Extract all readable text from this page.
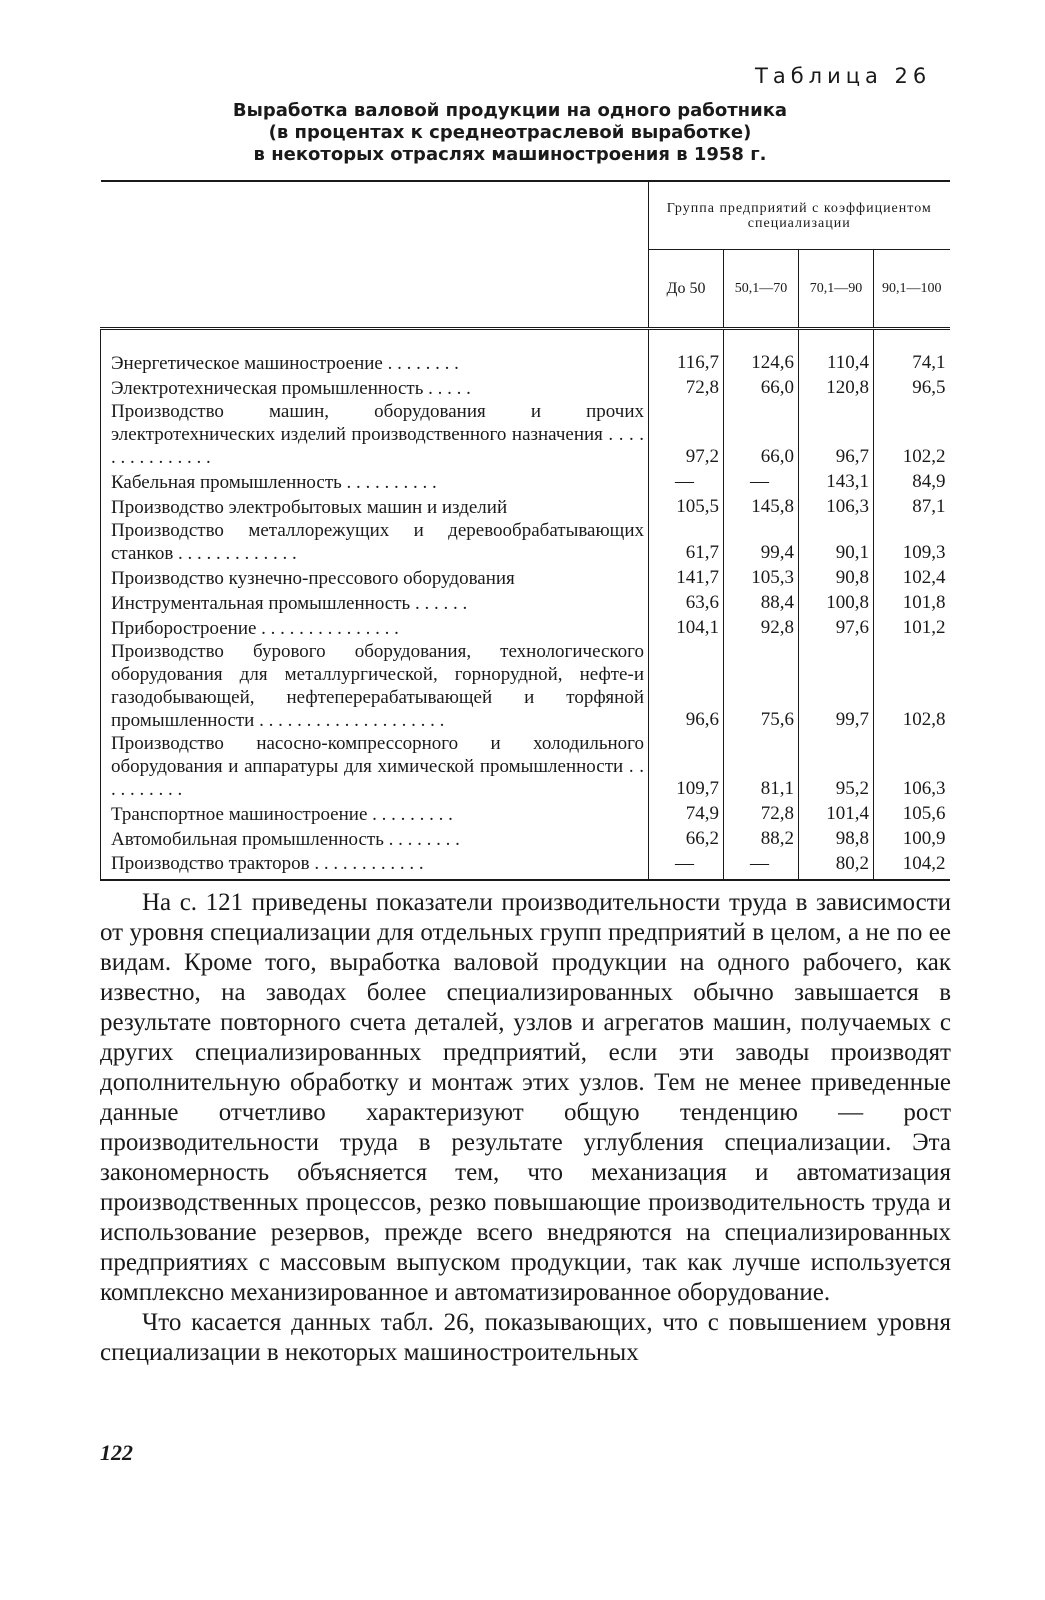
Таблица 26
Выработка валовой продукции на одного работника
(в процентах к среднеотраслевой выработке)
в некоторых отраслях машиностроения в 1958 г.
	Группа предприятий с коэффициентом специализации			
	До 50	50,1—70	70,1—90	90,1—100

Энергетическое машиностроение . . . . . . . .	116,7	124,6	110,4	74,1
Электротехническая промышленность . . . . .	72,8	66,0	120,8	96,5
Производство машин, оборудования и прочих электротехнических изделий производственного назначения . . . . . . . . . . . . . . .	97,2	66,0	96,7	102,2
Кабельная промышленность . . . . . . . . . .	—	—	143,1	84,9
Производство электробытовых машин и изделий	105,5	145,8	106,3	87,1
Производство металлорежущих и деревообрабатывающих станков . . . . . . . . . . . . .	61,7	99,4	90,1	109,3
Производство кузнечно-прессового оборудования	141,7	105,3	90,8	102,4
Инструментальная промышленность . . . . . .	63,6	88,4	100,8	101,8
Приборостроение . . . . . . . . . . . . . . .	104,1	92,8	97,6	101,2
Производство бурового оборудования, технологического оборудования для металлургической, горнорудной, нефте-и газодобывающей, нефтеперерабатывающей и торфяной промышленности . . . . . . . . . . . . . . . . . . . .	96,6	75,6	99,7	102,8
Производство насосно-компрессорного и холодильного оборудования и аппаратуры для химической промышленности . . . . . . . . . .	109,7	81,1	95,2	106,3
Транспортное машиностроение . . . . . . . . .	74,9	72,8	101,4	105,6
Автомобильная промышленность . . . . . . . .	66,2	88,2	98,8	100,9
Производство тракторов . . . . . . . . . . . .	—	—	80,2	104,2

На с. 121 приведены показатели производительности труда в зависимости от уровня специализации для отдельных групп предприятий в целом, а не по ее видам. Кроме того, выработка валовой продукции на одного рабочего, как известно, на заводах более специализированных обычно завышается в результате повторного счета деталей, узлов и агрегатов машин, получаемых с других специализированных предприятий, если эти заводы производят дополнительную обработку и монтаж этих узлов. Тем не менее приведенные данные отчетливо характеризуют общую тенденцию — рост производительности труда в результате углубления специализации. Эта закономерность объясняется тем, что механизация и автоматизация производственных процессов, резко повышающие производительность труда и использование резервов, прежде всего внедряются на специализированных предприятиях с массовым выпуском продукции, так как лучше используется комплексно механизированное и автоматизированное оборудование.

Что касается данных табл. 26, показывающих, что с повышением уровня специализации в некоторых машиностроительных

122
